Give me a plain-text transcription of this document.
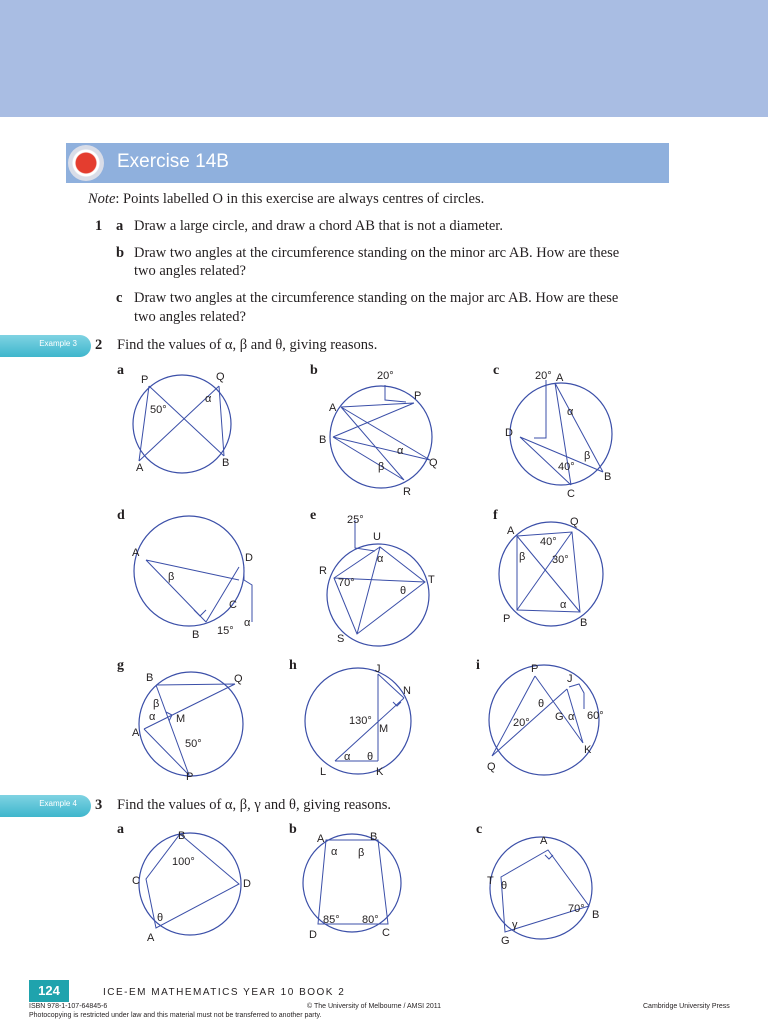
Exercise 14B
Note: Points labelled O in this exercise are always centres of circles.
1 a Draw a large circle, and draw a chord AB that is not a diameter.
b Draw two angles at the circumference standing on the minor arc AB. How are these
two angles related?
c Draw two angles at the circumference standing on the major arc AB. How are these
two angles related?
Example 3 2 Find the values of α, β and θ, giving reasons.
a	b	c
d	e	f
g	h	i
P	Q
A	B
50°
α
20°
A
P
B
Q
R
α
β
20° A
D
B
C
40°
α
β
A	D
B
C
15°
α
β
25°
U
R
T
S
70°
α
θ
A
Q
P	B
40°
30°
α
β
B	Q
A
M
P
50°
α
β
J
N
M
L	K
130°
α θ
P
J
G
K
Q
20°
60°
α
θ
Example 4 3 Find the values of α, β, γ and θ, giving reasons.
a	b	c
B
C	D
A
100°
θ
A	B
D	C
85° 80°
α β
A
T
B
G
70°
θ
γ
124	ICE-EM MATHEMATICS YEAR 10 BOOK 2
ISBN 978-1-107-64845-6	© The University of Melbourne / AMSI 2011	Cambridge University Press
Photocopying is restricted under law and this material must not be transferred to another party.
